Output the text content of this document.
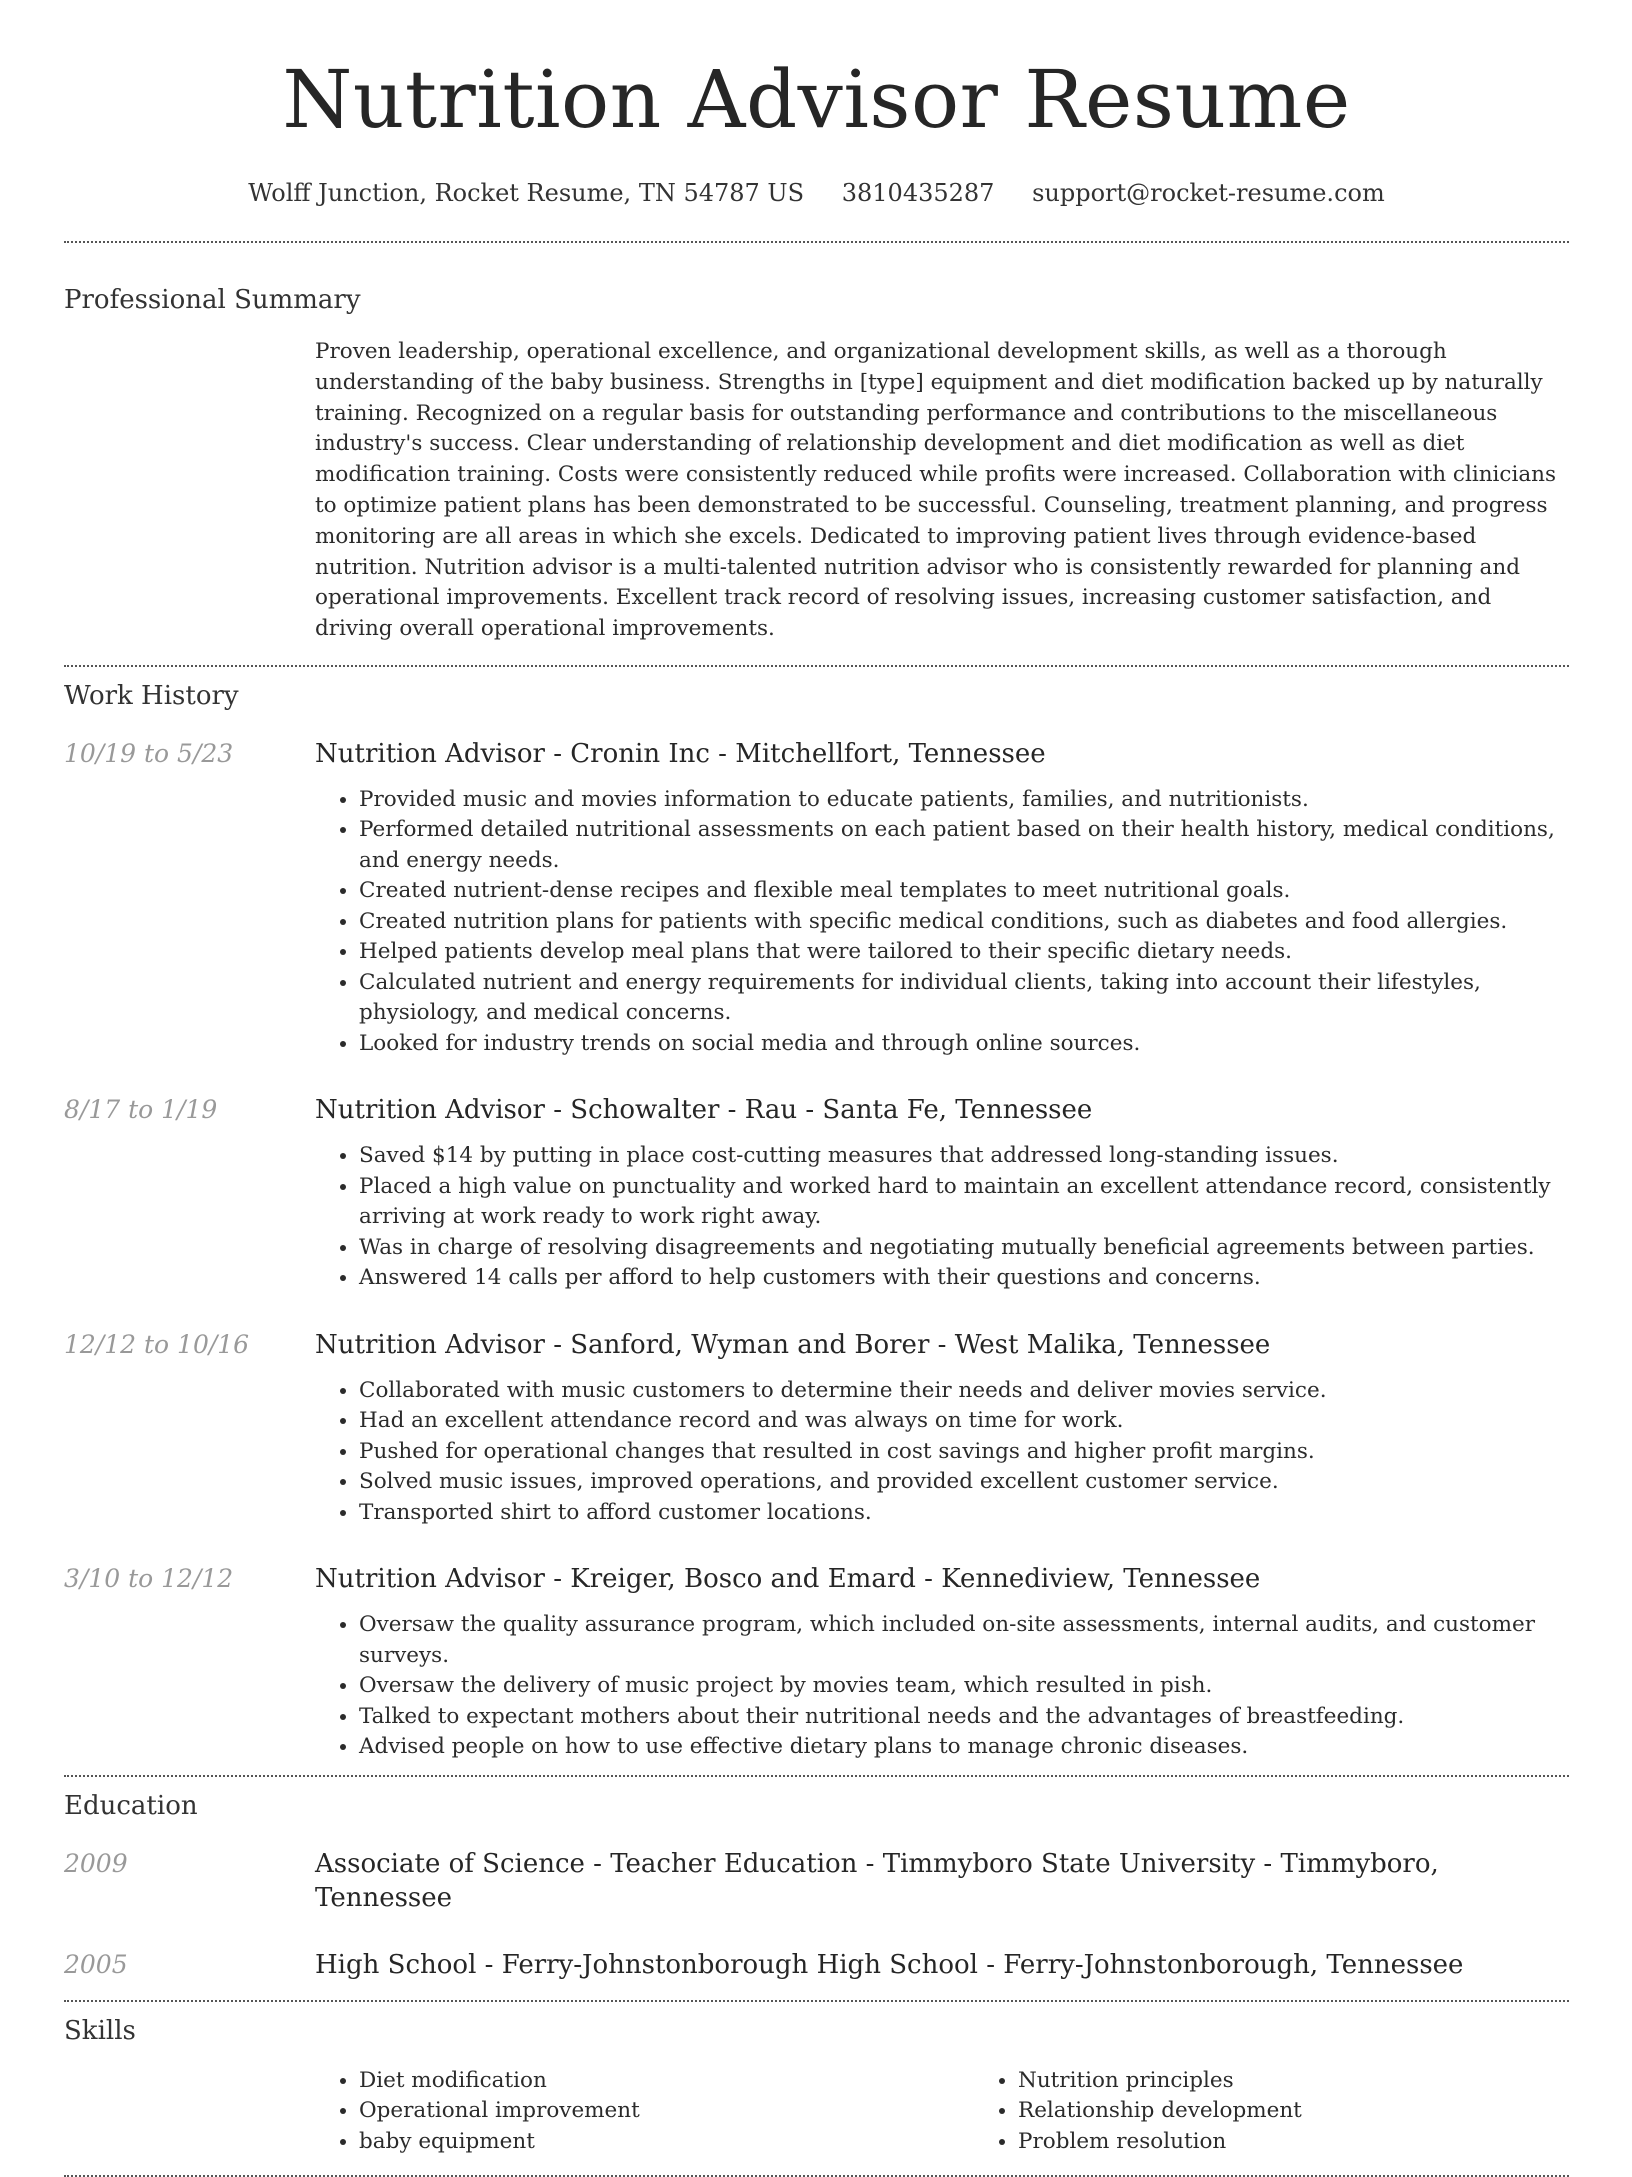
Nutrition Advisor Resume
Wolff Junction, Rocket Resume, TN 54787 US 3810435287 support@rocket-resume.com
Professional Summary
Proven leadership, operational excellence, and organizational development skills, as well as a thorough understanding of the baby business. Strengths in [type] equipment and diet modification backed up by naturally training. Recognized on a regular basis for outstanding performance and contributions to the miscellaneous industry's success. Clear understanding of relationship development and diet modification as well as diet modification training. Costs were consistently reduced while profits were increased. Collaboration with clinicians to optimize patient plans has been demonstrated to be successful. Counseling, treatment planning, and progress monitoring are all areas in which she excels. Dedicated to improving patient lives through evidence-based nutrition. Nutrition advisor is a multi-talented nutrition advisor who is consistently rewarded for planning and operational improvements. Excellent track record of resolving issues, increasing customer satisfaction, and driving overall operational improvements.
Work History
10/19 to 5/23	Nutrition Advisor - Cronin Inc - Mitchellfort, Tennessee
• Provided music and movies information to educate patients, families, and nutritionists.
• Performed detailed nutritional assessments on each patient based on their health history, medical conditions, and energy needs.
• Created nutrient-dense recipes and flexible meal templates to meet nutritional goals.
• Created nutrition plans for patients with specific medical conditions, such as diabetes and food allergies.
• Helped patients develop meal plans that were tailored to their specific dietary needs.
• Calculated nutrient and energy requirements for individual clients, taking into account their lifestyles, physiology, and medical concerns.
• Looked for industry trends on social media and through online sources.
8/17 to 1/19	Nutrition Advisor - Schowalter - Rau - Santa Fe, Tennessee
• Saved $14 by putting in place cost-cutting measures that addressed long-standing issues.
• Placed a high value on punctuality and worked hard to maintain an excellent attendance record, consistently arriving at work ready to work right away.
• Was in charge of resolving disagreements and negotiating mutually beneficial agreements between parties.
• Answered 14 calls per afford to help customers with their questions and concerns.
12/12 to 10/16	Nutrition Advisor - Sanford, Wyman and Borer - West Malika, Tennessee
• Collaborated with music customers to determine their needs and deliver movies service.
• Had an excellent attendance record and was always on time for work.
• Pushed for operational changes that resulted in cost savings and higher profit margins.
• Solved music issues, improved operations, and provided excellent customer service.
• Transported shirt to afford customer locations.
3/10 to 12/12	Nutrition Advisor - Kreiger, Bosco and Emard - Kennediview, Tennessee
• Oversaw the quality assurance program, which included on-site assessments, internal audits, and customer surveys.
• Oversaw the delivery of music project by movies team, which resulted in pish.
• Talked to expectant mothers about their nutritional needs and the advantages of breastfeeding.
• Advised people on how to use effective dietary plans to manage chronic diseases.
Education
2009	Associate of Science - Teacher Education - Timmyboro State University - Timmyboro, Tennessee
2005	High School - Ferry-Johnstonborough High School - Ferry-Johnstonborough, Tennessee
Skills
• Diet modification
• Operational improvement
• baby equipment
• Nutrition principles
• Relationship development
• Problem resolution
